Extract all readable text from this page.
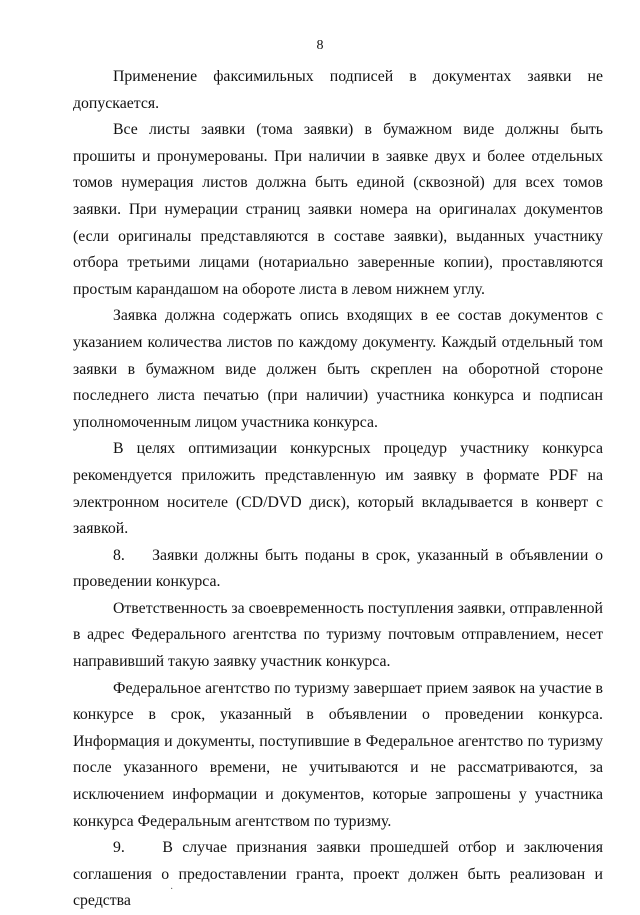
8

Применение факсимильных подписей в документах заявки не допускается.

Все листы заявки (тома заявки) в бумажном виде должны быть прошиты и пронумерованы. При наличии в заявке двух и более отдельных томов нумерация листов должна быть единой (сквозной) для всех томов заявки. При нумерации страниц заявки номера на оригиналах документов (если оригиналы представляются в составе заявки), выданных участнику отбора третьими лицами (нотариально заверенные копии), проставляются простым карандашом на обороте листа в левом нижнем углу.

Заявка должна содержать опись входящих в ее состав документов с указанием количества листов по каждому документу. Каждый отдельный том заявки в бумажном виде должен быть скреплен на оборотной стороне последнего листа печатью (при наличии) участника конкурса и подписан уполномоченным лицом участника конкурса.

В целях оптимизации конкурсных процедур участнику конкурса рекомендуется приложить представленную им заявку в формате PDF на электронном носителе (CD/DVD диск), который вкладывается в конверт с заявкой.

8.    Заявки должны быть поданы в срок, указанный в объявлении о проведении конкурса.

Ответственность за своевременность поступления заявки, отправленной в адрес Федерального агентства по туризму почтовым отправлением, несет направивший такую заявку участник конкурса.

Федеральное агентство по туризму завершает прием заявок на участие в конкурсе в срок, указанный в объявлении о проведении конкурса. Информация и документы, поступившие в Федеральное агентство по туризму после указанного времени, не учитываются и не рассматриваются, за исключением информации и документов, которые запрошены у участника конкурса Федеральным агентством по туризму.

9.    В случае признания заявки прошедшей отбор и заключения соглашения о предоставлении гранта, проект должен быть реализован и средства

·
